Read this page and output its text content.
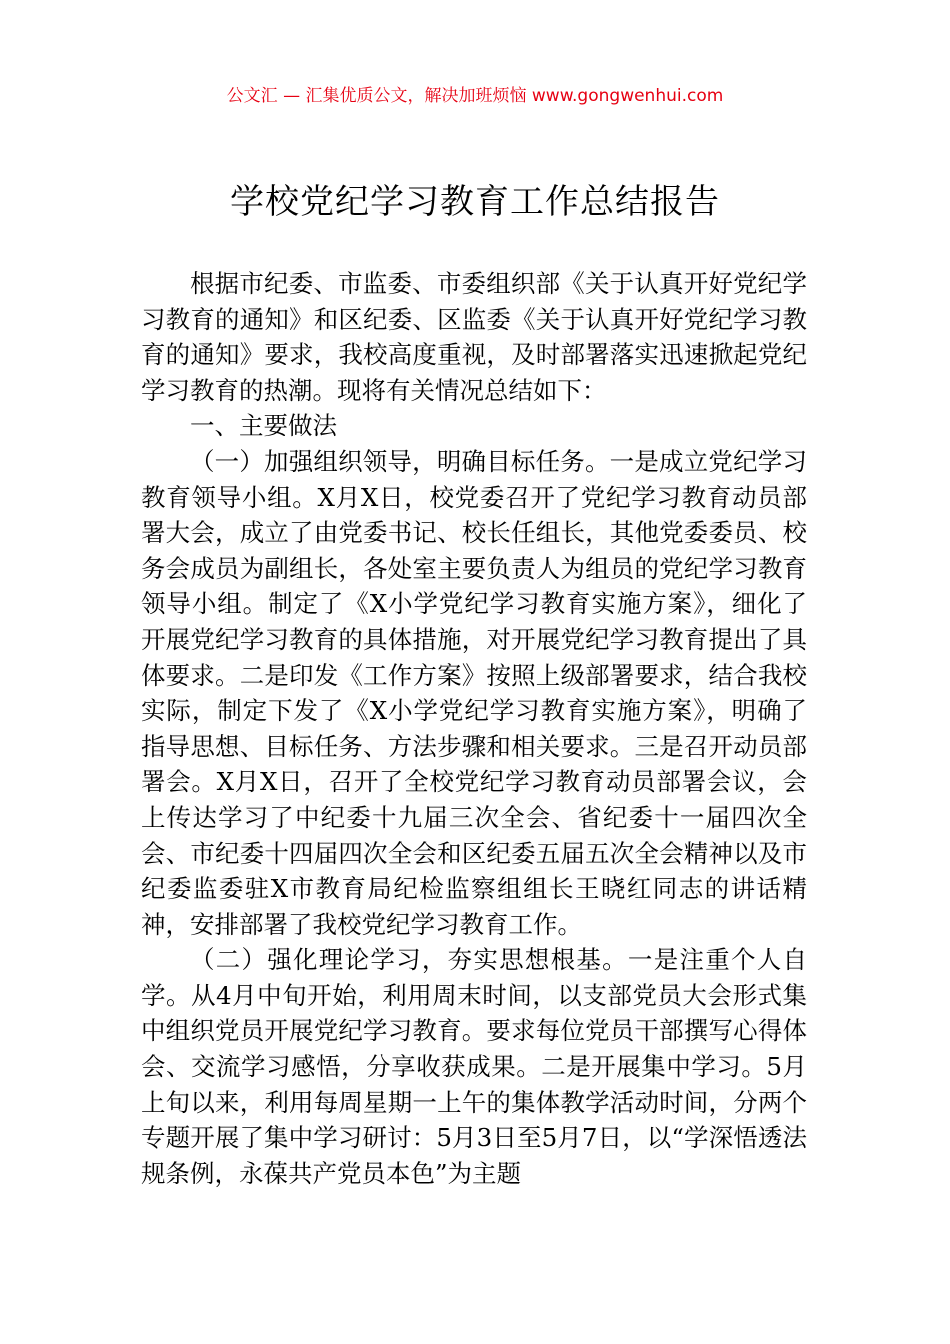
公文汇 — 汇集优质公文，解决加班烦恼 www.gongwenhui.com
学校党纪学习教育工作总结报告

根据市纪委、市监委、市委组织部《关于认真开好党纪学习教育的通知》和区纪委、区监委《关于认真开好党纪学习教育的通知》要求，我校高度重视，及时部署落实迅速掀起党纪学习教育的热潮。现将有关情况总结如下：

一、主要做法

（一）加强组织领导，明确目标任务。一是成立党纪学习教育领导小组。X月X日，校党委召开了党纪学习教育动员部署大会，成立了由党委书记、校长任组长，其他党委委员、校务会成员为副组长，各处室主要负责人为组员的党纪学习教育领导小组。制定了《X小学党纪学习教育实施方案》，细化了开展党纪学习教育的具体措施，对开展党纪学习教育提出了具体要求。二是印发《工作方案》按照上级部署要求，结合我校实际，制定下发了《X小学党纪学习教育实施方案》，明确了指导思想、目标任务、方法步骤和相关要求。三是召开动员部署会。X月X日，召开了全校党纪学习教育动员部署会议，会上传达学习了中纪委十九届三次全会、省纪委十一届四次全会、市纪委十四届四次全会和区纪委五届五次全会精神以及市纪委监委驻X市教育局纪检监察组组长王晓红同志的讲话精神，安排部署了我校党纪学习教育工作。

（二）强化理论学习，夯实思想根基。一是注重个人自学。从4月中旬开始，利用周末时间，以支部党员大会形式集中组织党员开展党纪学习教育。要求每位党员干部撰写心得体会、交流学习感悟，分享收获成果。二是开展集中学习。5月上旬以来，利用每周星期一上午的集体教学活动时间，分两个专题开展了集中学习研讨：5月3日至5月7日，以“学深悟透法规条例，永葆共产党员本色”为主题
